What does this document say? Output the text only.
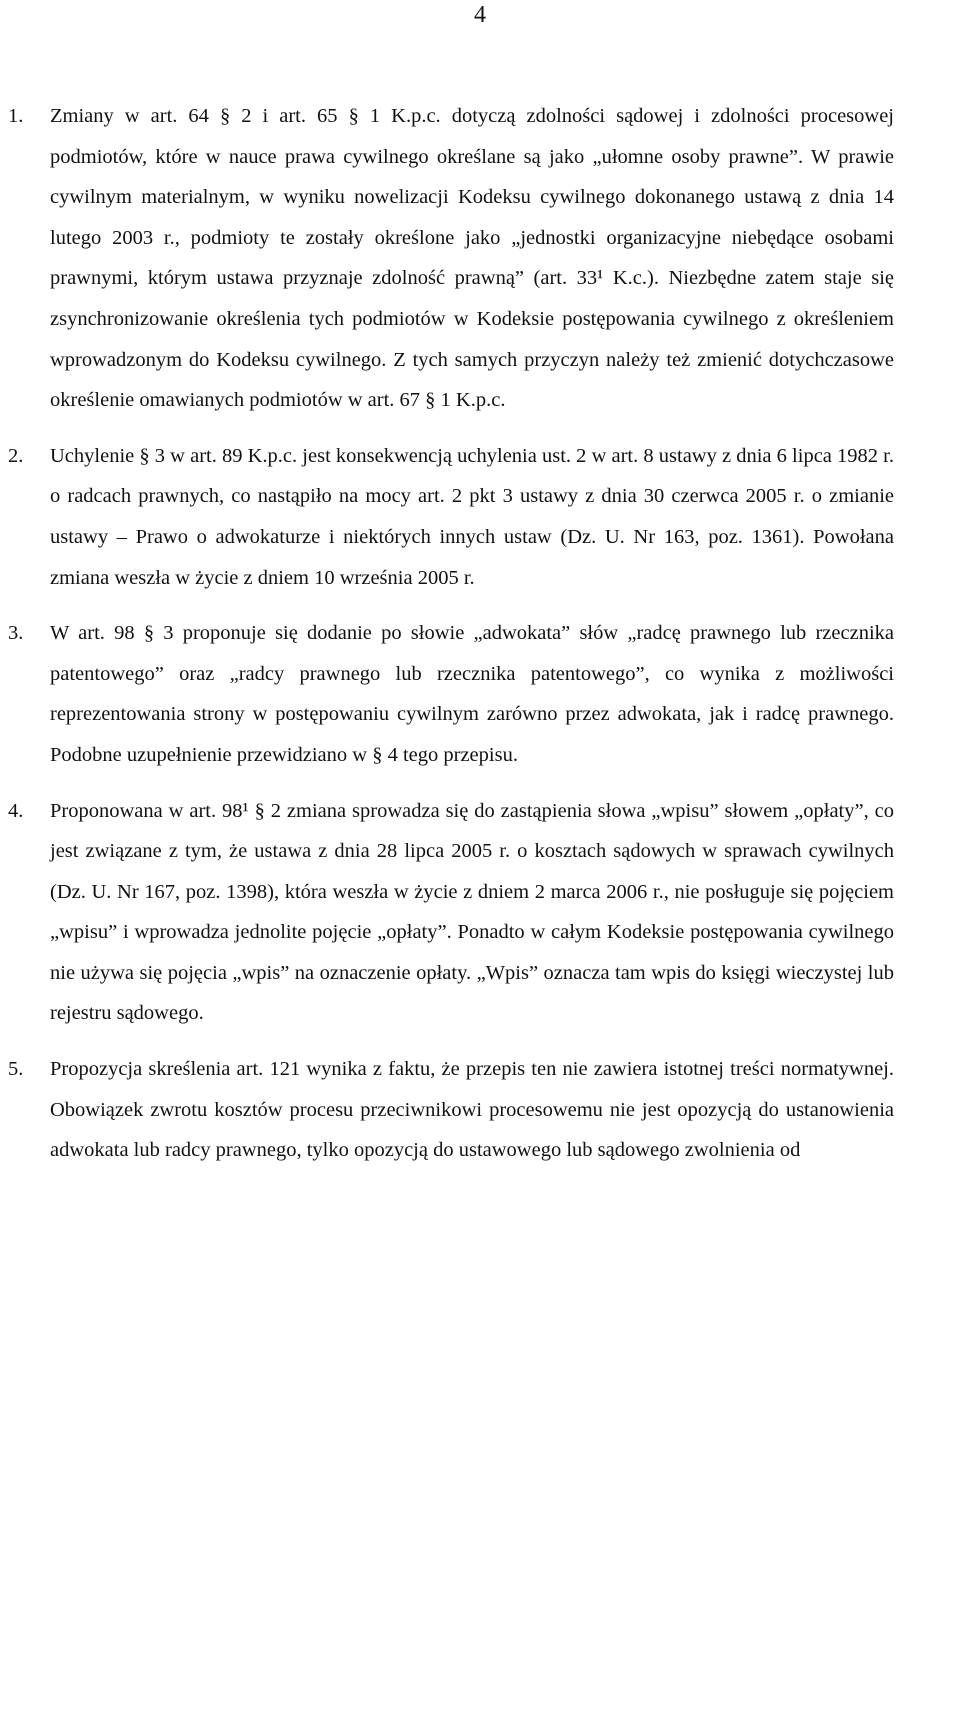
4
1. Zmiany w art. 64 § 2 i art. 65 § 1 K.p.c. dotyczą zdolności sądowej i zdolności procesowej podmiotów, które w nauce prawa cywilnego określane są jako „ułomne osoby prawne”. W prawie cywilnym materialnym, w wyniku nowelizacji Kodeksu cywilnego dokonanego ustawą z dnia 14 lutego 2003 r., podmioty te zostały określone jako „jednostki organizacyjne niebędące osobami prawnymi, którym ustawa przyznaje zdolność prawną” (art. 33¹ K.c.). Niezbędne zatem staje się zsynchronizowanie określenia tych podmiotów w Kodeksie postępowania cywilnego z określeniem wprowadzonym do Kodeksu cywilnego. Z tych samych przyczyn należy też zmienić dotychczasowe określenie omawianych podmiotów w art. 67 § 1 K.p.c.
2. Uchylenie § 3 w art. 89 K.p.c. jest konsekwencją uchylenia ust. 2 w art. 8 ustawy z dnia 6 lipca 1982 r. o radcach prawnych, co nastąpiło na mocy art. 2 pkt 3 ustawy z dnia 30 czerwca 2005 r. o zmianie ustawy – Prawo o adwokaturze i niektórych innych ustaw (Dz. U. Nr 163, poz. 1361). Powołana zmiana weszła w życie z dniem 10 września 2005 r.
3. W art. 98 § 3 proponuje się dodanie po słowie „adwokata” słów „radcę prawnego lub rzecznika patentowego” oraz „radcy prawnego lub rzecznika patentowego”, co wynika z możliwości reprezentowania strony w postępowaniu cywilnym zarówno przez adwokata, jak i radcę prawnego. Podobne uzupełnienie przewidziano w § 4 tego przepisu.
4. Proponowana w art. 98¹ § 2 zmiana sprowadza się do zastąpienia słowa „wpisu” słowem „opłaty”, co jest związane z tym, że ustawa z dnia 28 lipca 2005 r. o kosztach sądowych w sprawach cywilnych (Dz. U. Nr 167, poz. 1398), która weszła w życie z dniem 2 marca 2006 r., nie posługuje się pojęciem „wpisu” i wprowadza jednolite pojęcie „opłaty”. Ponadto w całym Kodeksie postępowania cywilnego nie używa się pojęcia „wpis” na oznaczenie opłaty. „Wpis” oznacza tam wpis do księgi wieczystej lub rejestru sądowego.
5. Propozycja skreślenia art. 121 wynika z faktu, że przepis ten nie zawiera istotnej treści normatywnej. Obowiązek zwrotu kosztów procesu przeciwnikowi procesowemu nie jest opozycją do ustanowienia adwokata lub radcy prawnego, tylko opozycją do ustawowego lub sądowego zwolnienia od
